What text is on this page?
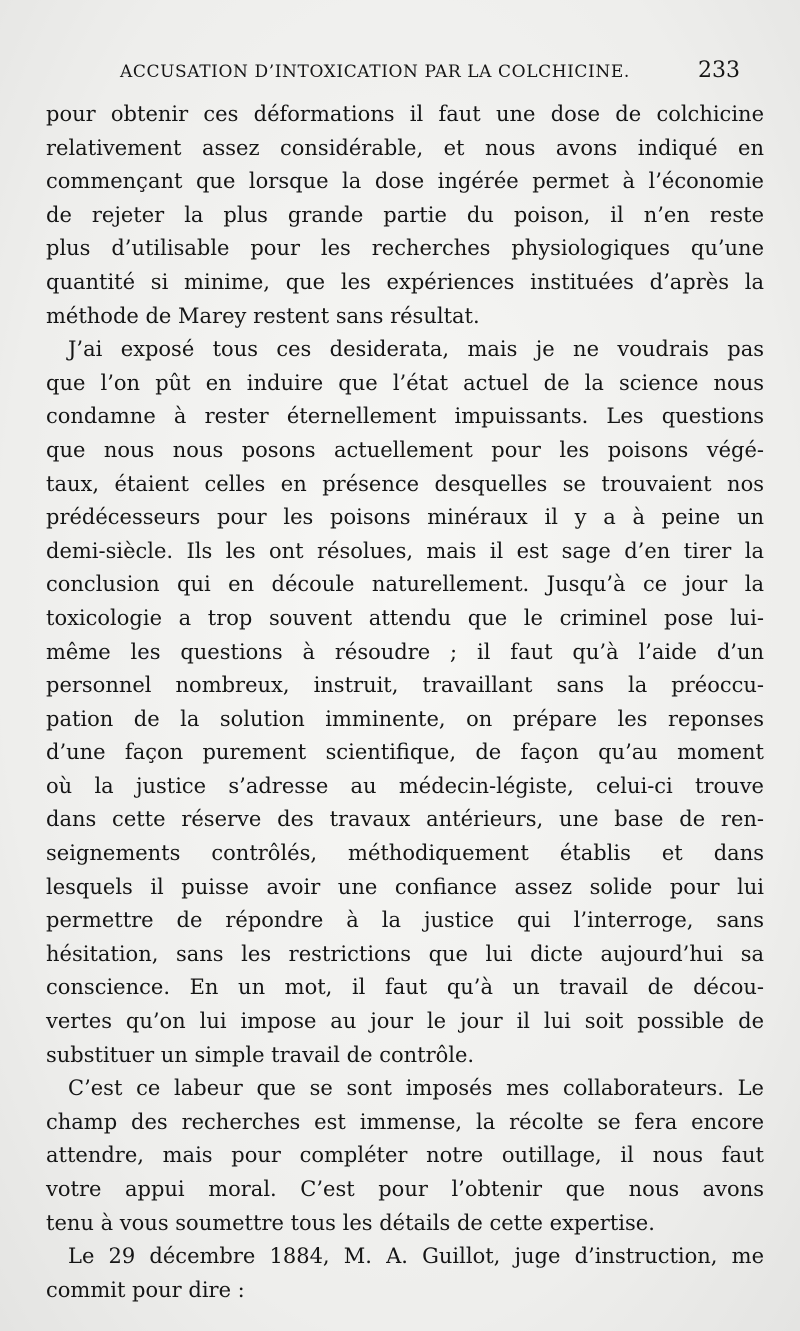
ACCUSATION D’INTOXICATION PAR LA COLCHICINE.	233
pour obtenir ces déformations il faut une dose de colchicine
relativement assez considérable, et nous avons indiqué en
commençant que lorsque la dose ingérée permet à l’économie
de rejeter la plus grande partie du poison, il n’en reste
plus d’utilisable pour les recherches physiologiques qu’une
quantité si minime, que les expériences instituées d’après la
méthode de Marey restent sans résultat.
J’ai exposé tous ces desiderata, mais je ne voudrais pas
que l’on pût en induire que l’état actuel de la science nous
condamne à rester éternellement impuissants. Les questions
que nous nous posons actuellement pour les poisons végé-
taux, étaient celles en présence desquelles se trouvaient nos
prédécesseurs pour les poisons minéraux il y a à peine un
demi-siècle. Ils les ont résolues, mais il est sage d’en tirer la
conclusion qui en découle naturellement. Jusqu’à ce jour la
toxicologie a trop souvent attendu que le criminel pose lui-
même les questions à résoudre ; il faut qu’à l’aide d’un
personnel nombreux, instruit, travaillant sans la préoccu-
pation de la solution imminente, on prépare les reponses
d’une façon purement scientifique, de façon qu’au moment
où la justice s’adresse au médecin-légiste, celui-ci trouve
dans cette réserve des travaux antérieurs, une base de ren-
seignements contrôlés, méthodiquement établis et dans
lesquels il puisse avoir une confiance assez solide pour lui
permettre de répondre à la justice qui l’interroge, sans
hésitation, sans les restrictions que lui dicte aujourd’hui sa
conscience. En un mot, il faut qu’à un travail de décou-
vertes qu’on lui impose au jour le jour il lui soit possible de
substituer un simple travail de contrôle.
C’est ce labeur que se sont imposés mes collaborateurs. Le
champ des recherches est immense, la récolte se fera encore
attendre, mais pour compléter notre outillage, il nous faut
votre appui moral. C’est pour l’obtenir que nous avons
tenu à vous soumettre tous les détails de cette expertise.
Le 29 décembre 1884, M. A. Guillot, juge d’instruction, me
commit pour dire :
